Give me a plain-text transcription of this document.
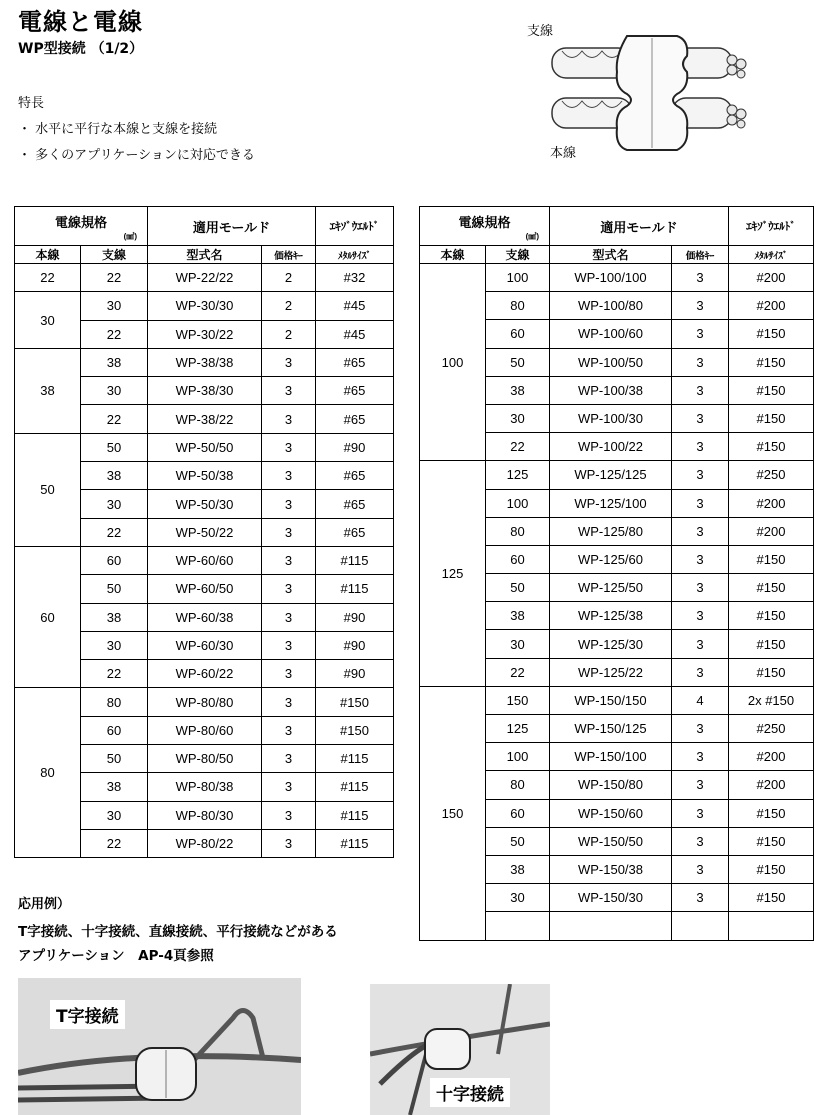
電線と電線
WP型接続 （1/2）
特長
・ 水平に平行な本線と支線を接続
・ 多くのアプリケーションに対応できる
支線
本線
電線規格
(㎟)		適用モールド		ｴｷｿﾞｳｴﾙﾄﾞ
本線	支線	型式名	価格ｷｰ	ﾒﾀﾙｻｲｽﾞ
22	22	WP-22/22	2	#32
30	30	WP-30/30	2	#45
	22	WP-30/22	2	#45
38	38	WP-38/38	3	#65
	30	WP-38/30	3	#65
	22	WP-38/22	3	#65
50	50	WP-50/50	3	#90
	38	WP-50/38	3	#65
	30	WP-50/30	3	#65
	22	WP-50/22	3	#65
60	60	WP-60/60	3	#115
	50	WP-60/50	3	#115
	38	WP-60/38	3	#90
	30	WP-60/30	3	#90
	22	WP-60/22	3	#90
80	80	WP-80/80	3	#150
	60	WP-80/60	3	#150
	50	WP-80/50	3	#115
	38	WP-80/38	3	#115
	30	WP-80/30	3	#115
	22	WP-80/22	3	#115
電線規格
(㎟)		適用モールド		ｴｷｿﾞｳｴﾙﾄﾞ
本線	支線	型式名	価格ｷｰ	ﾒﾀﾙｻｲｽﾞ
100	100	WP-100/100	3	#200
	80	WP-100/80	3	#200
	60	WP-100/60	3	#150
	50	WP-100/50	3	#150
	38	WP-100/38	3	#150
	30	WP-100/30	3	#150
	22	WP-100/22	3	#150
125	125	WP-125/125	3	#250
	100	WP-125/100	3	#200
	80	WP-125/80	3	#200
	60	WP-125/60	3	#150
	50	WP-125/50	3	#150
	38	WP-125/38	3	#150
	30	WP-125/30	3	#150
	22	WP-125/22	3	#150
150	150	WP-150/150	4	2x #150
	125	WP-150/125	3	#250
	100	WP-150/100	3	#200
	80	WP-150/80	3	#200
	60	WP-150/60	3	#150
	50	WP-150/50	3	#150
	38	WP-150/38	3	#150
	30	WP-150/30	3	#150

応用例）
T字接続、十字接続、直線接続、平行接続などがある
アプリケーション　AP-4頁参照
T字接続
十字接続
